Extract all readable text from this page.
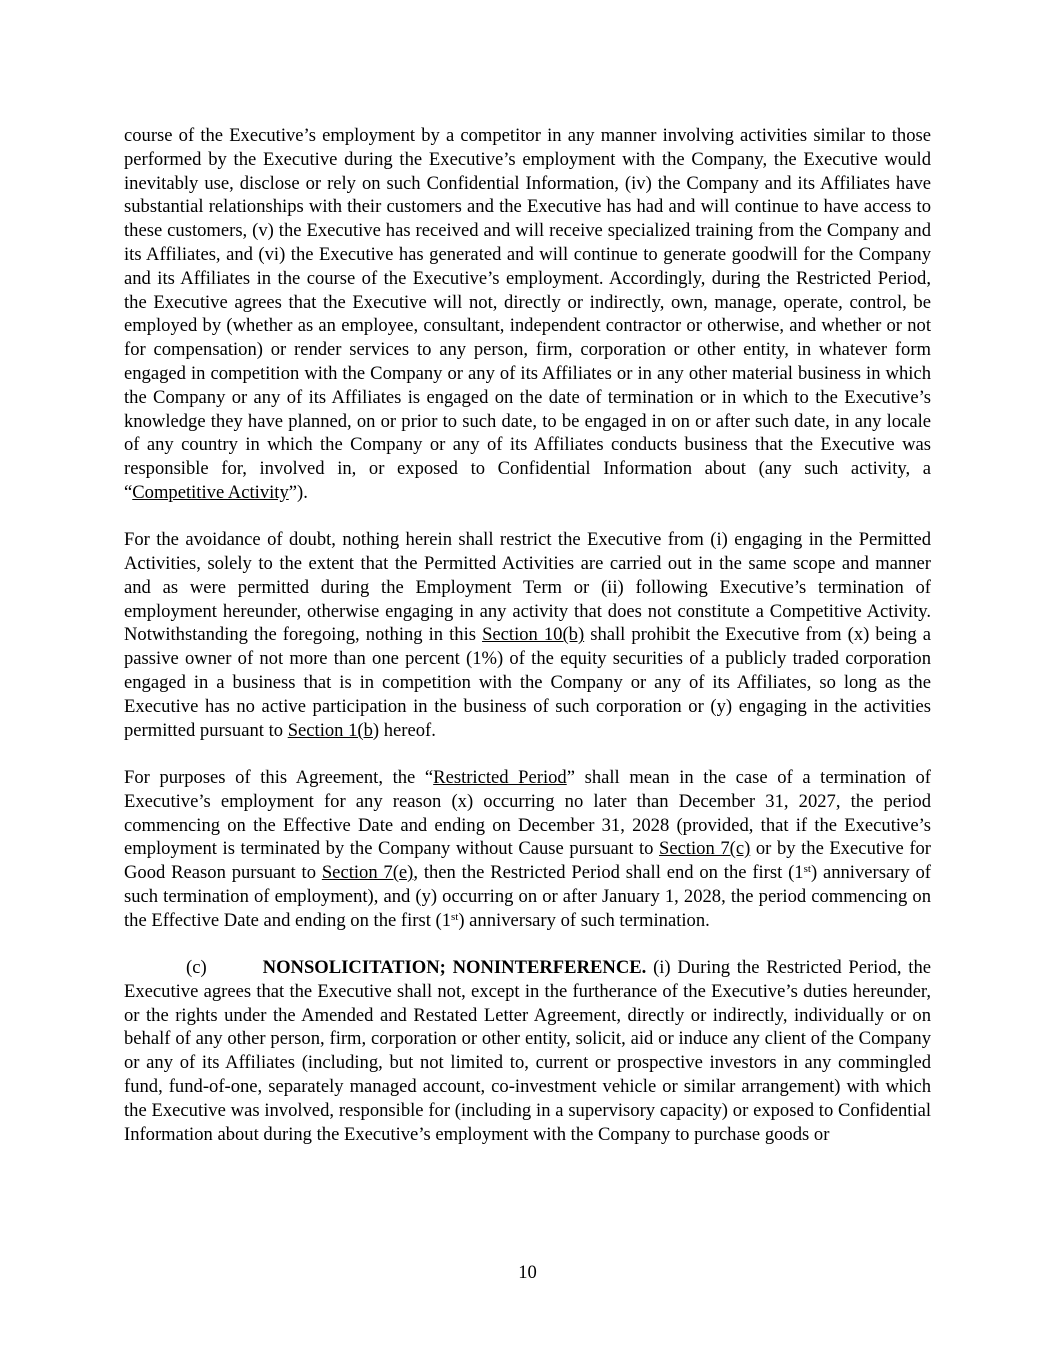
course of the Executive’s employment by a competitor in any manner involving activities similar to those performed by the Executive during the Executive’s employment with the Company, the Executive would inevitably use, disclose or rely on such Confidential Information, (iv) the Company and its Affiliates have substantial relationships with their customers and the Executive has had and will continue to have access to these customers, (v) the Executive has received and will receive specialized training from the Company and its Affiliates, and (vi) the Executive has generated and will continue to generate goodwill for the Company and its Affiliates in the course of the Executive’s employment. Accordingly, during the Restricted Period, the Executive agrees that the Executive will not, directly or indirectly, own, manage, operate, control, be employed by (whether as an employee, consultant, independent contractor or otherwise, and whether or not for compensation) or render services to any person, firm, corporation or other entity, in whatever form engaged in competition with the Company or any of its Affiliates or in any other material business in which the Company or any of its Affiliates is engaged on the date of termination or in which to the Executive’s knowledge they have planned, on or prior to such date, to be engaged in on or after such date, in any locale of any country in which the Company or any of its Affiliates conducts business that the Executive was responsible for, involved in, or exposed to Confidential Information about (any such activity, a “Competitive Activity”).

For the avoidance of doubt, nothing herein shall restrict the Executive from (i) engaging in the Permitted Activities, solely to the extent that the Permitted Activities are carried out in the same scope and manner and as were permitted during the Employment Term or (ii) following Executive’s termination of employment hereunder, otherwise engaging in any activity that does not constitute a Competitive Activity. Notwithstanding the foregoing, nothing in this Section 10(b) shall prohibit the Executive from (x) being a passive owner of not more than one percent (1%) of the equity securities of a publicly traded corporation engaged in a business that is in competition with the Company or any of its Affiliates, so long as the Executive has no active participation in the business of such corporation or (y) engaging in the activities permitted pursuant to Section 1(b) hereof.

For purposes of this Agreement, the “Restricted Period” shall mean in the case of a termination of Executive’s employment for any reason (x) occurring no later than December 31, 2027, the period commencing on the Effective Date and ending on December 31, 2028 (provided, that if the Executive’s employment is terminated by the Company without Cause pursuant to Section 7(c) or by the Executive for Good Reason pursuant to Section 7(e), then the Restricted Period shall end on the first (1st) anniversary of such termination of employment), and (y) occurring on or after January 1, 2028, the period commencing on the Effective Date and ending on the first (1st) anniversary of such termination.

(c)	NONSOLICITATION; NONINTERFERENCE. (i) During the Restricted Period, the Executive agrees that the Executive shall not, except in the furtherance of the Executive’s duties hereunder, or the rights under the Amended and Restated Letter Agreement, directly or indirectly, individually or on behalf of any other person, firm, corporation or other entity, solicit, aid or induce any client of the Company or any of its Affiliates (including, but not limited to, current or prospective investors in any commingled fund, fund-of-one, separately managed account, co-investment vehicle or similar arrangement) with which the Executive was involved, responsible for (including in a supervisory capacity) or exposed to Confidential Information about during the Executive’s employment with the Company to purchase goods or

10
